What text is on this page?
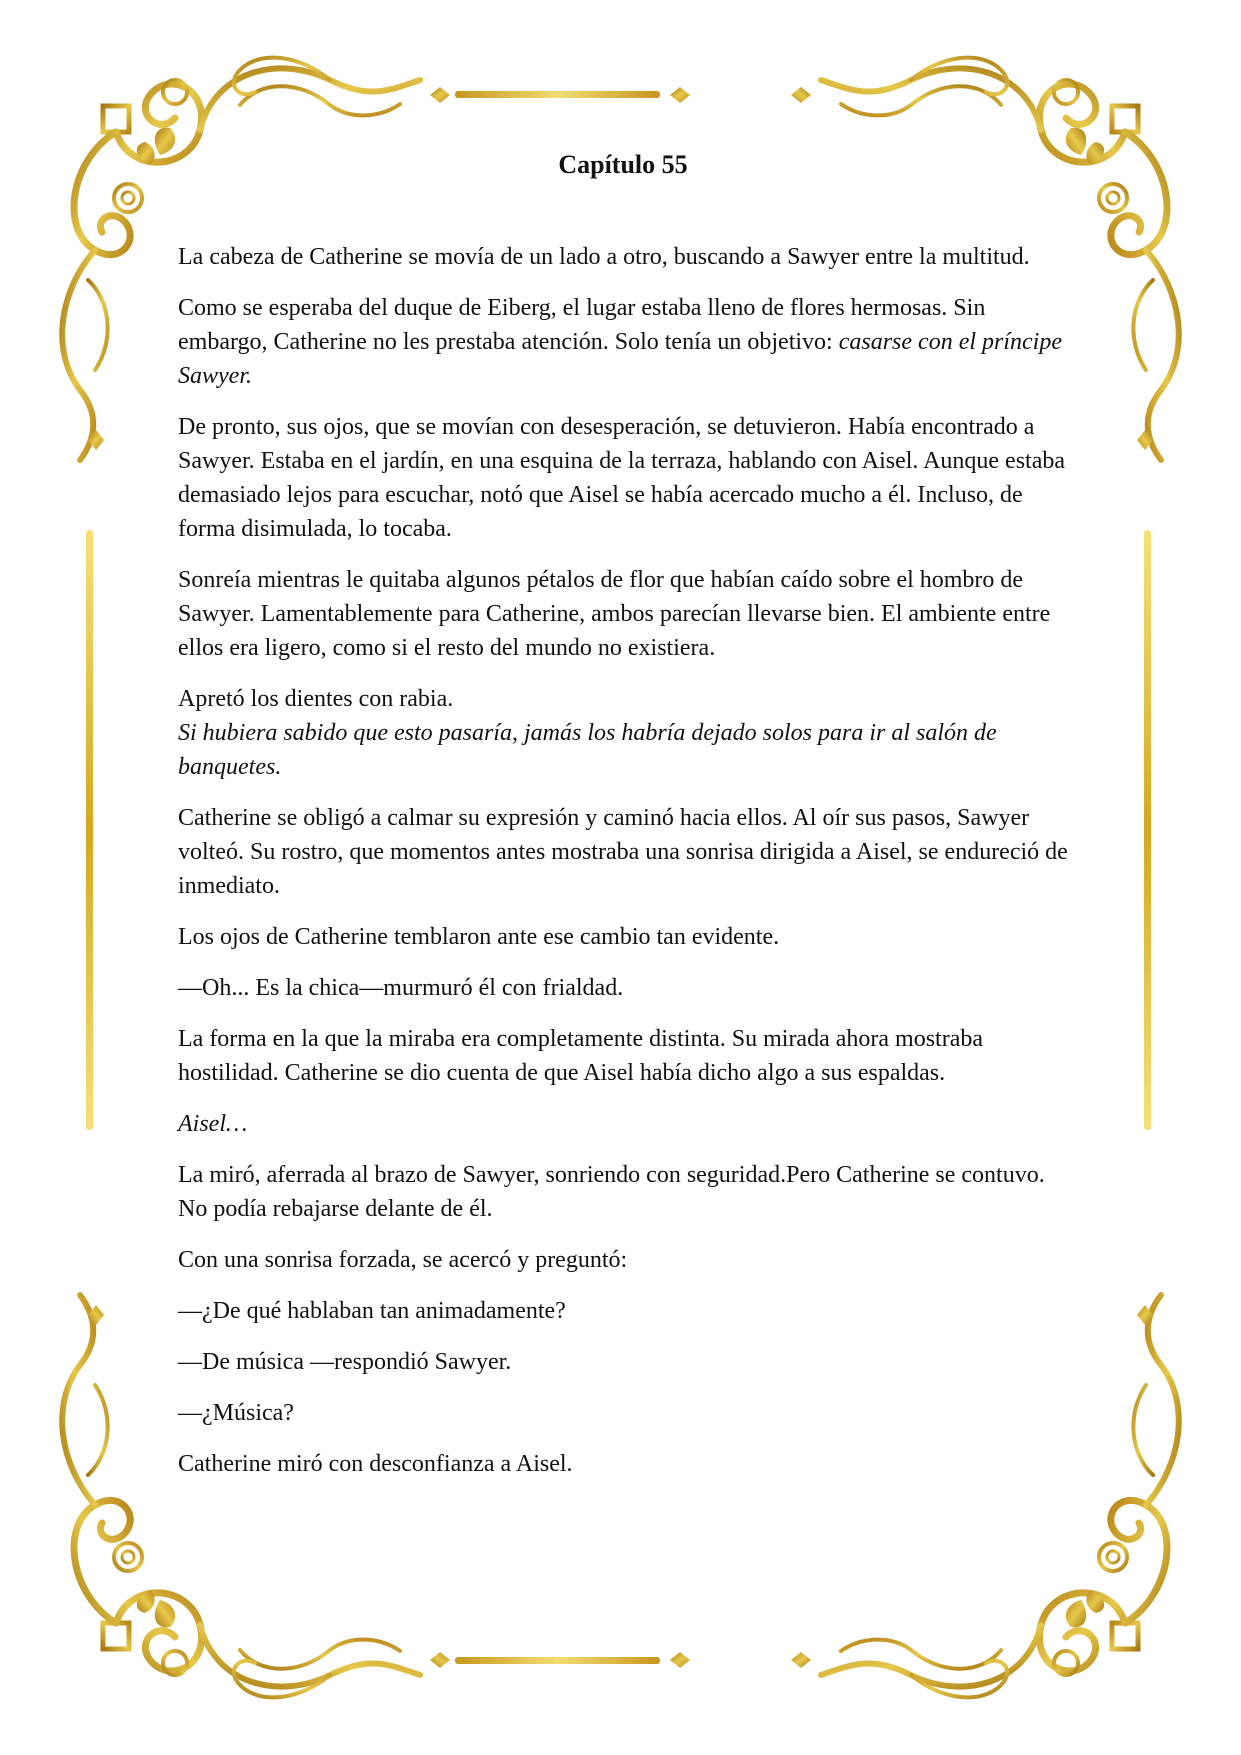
Capítulo 55

La cabeza de Catherine se movía de un lado a otro, buscando a Sawyer entre la multitud.

Como se esperaba del duque de Eiberg, el lugar estaba lleno de flores hermosas. Sin embargo, Catherine no les prestaba atención. Solo tenía un objetivo: casarse con el príncipe Sawyer.

De pronto, sus ojos, que se movían con desesperación, se detuvieron. Había encontrado a Sawyer. Estaba en el jardín, en una esquina de la terraza, hablando con Aisel. Aunque estaba demasiado lejos para escuchar, notó que Aisel se había acercado mucho a él. Incluso, de forma disimulada, lo tocaba.

Sonreía mientras le quitaba algunos pétalos de flor que habían caído sobre el hombro de Sawyer. Lamentablemente para Catherine, ambos parecían llevarse bien. El ambiente entre ellos era ligero, como si el resto del mundo no existiera.

Apretó los dientes con rabia.
Si hubiera sabido que esto pasaría, jamás los habría dejado solos para ir al salón de banquetes.

Catherine se obligó a calmar su expresión y caminó hacia ellos. Al oír sus pasos, Sawyer volteó. Su rostro, que momentos antes mostraba una sonrisa dirigida a Aisel, se endureció de inmediato.

Los ojos de Catherine temblaron ante ese cambio tan evidente.

—Oh... Es la chica—murmuró él con frialdad.

La forma en la que la miraba era completamente distinta. Su mirada ahora mostraba hostilidad. Catherine se dio cuenta de que Aisel había dicho algo a sus espaldas.

Aisel…

La miró, aferrada al brazo de Sawyer, sonriendo con seguridad.Pero Catherine se contuvo. No podía rebajarse delante de él.

Con una sonrisa forzada, se acercó y preguntó:

—¿De qué hablaban tan animadamente?

—De música —respondió Sawyer.

—¿Música?

Catherine miró con desconfianza a Aisel.
